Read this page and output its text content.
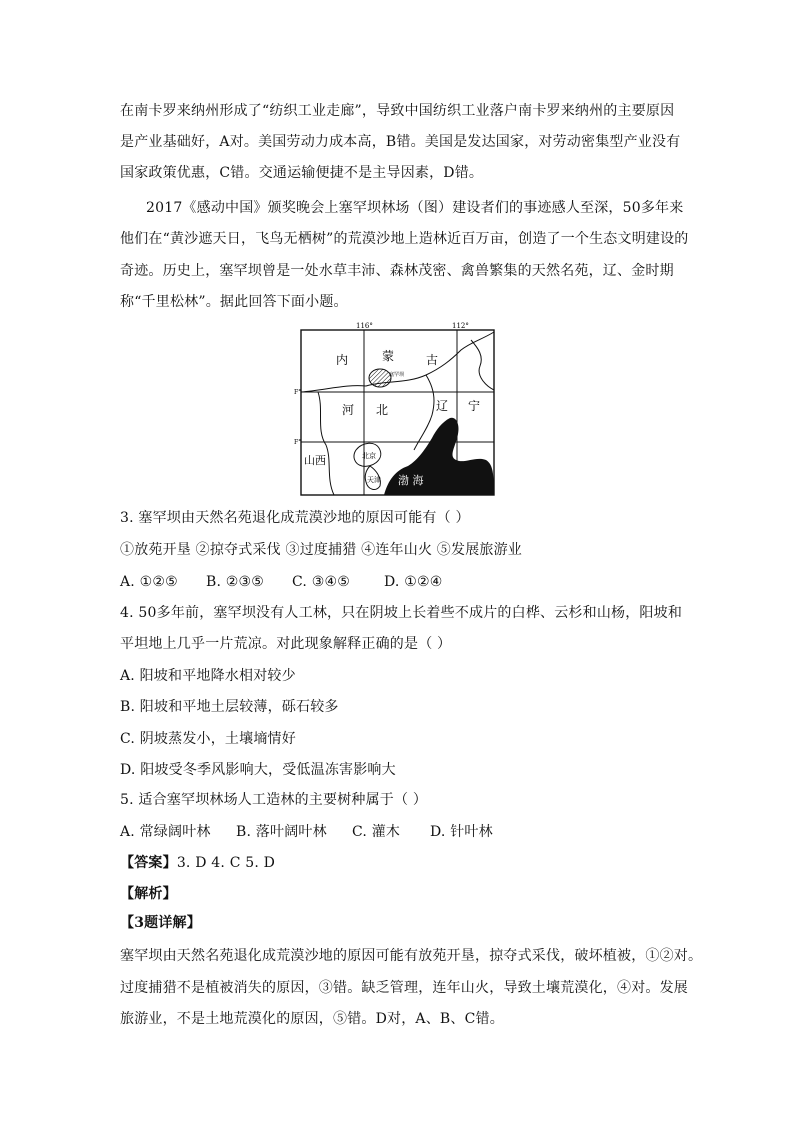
在南卡罗来纳州形成了“纺织工业走廊”，导致中国纺织工业落户南卡罗来纳州的主要原因
是产业基础好，A对。美国劳动力成本高，B错。美国是发达国家，对劳动密集型产业没有
国家政策优惠，C错。交通运输便捷不是主导因素，D错。
2017《感动中国》颁奖晚会上塞罕坝林场（图）建设者们的事迹感人至深，50多年来
他们在“黄沙遮天日，飞鸟无栖树”的荒漠沙地上造林近百万亩，创造了一个生态文明建设的
奇迹。历史上，塞罕坝曾是一处水草丰沛、森林茂密、禽兽繁集的天然名苑，辽、金时期
称“千里松林”。据此回答下面小题。
116°	112°
F°
F°
内	蒙	古
塞罕坝
河 北	辽 宁
北京
天津
山西
渤 海
3. 塞罕坝由天然名苑退化成荒漠沙地的原因可能有（ ）
①放苑开垦 ②掠夺式采伐 ③过度捕猎 ④连年山火 ⑤发展旅游业
A. ①②⑤ B. ②③⑤ C. ③④⑤ D. ①②④
4. 50多年前，塞罕坝没有人工林，只在阴坡上长着些不成片的白桦、云杉和山杨，阳坡和
平坦地上几乎一片荒凉。对此现象解释正确的是（ ）
A. 阳坡和平地降水相对较少
B. 阳坡和平地土层较薄，砾石较多
C. 阴坡蒸发小，土壤墒情好
D. 阳坡受冬季风影响大，受低温冻害影响大
5. 适合塞罕坝林场人工造林的主要树种属于（ ）
A. 常绿阔叶林 B. 落叶阔叶林 C. 灌木 D. 针叶林
【答案】3. D 4. C 5. D
【解析】
【3题详解】
塞罕坝由天然名苑退化成荒漠沙地的原因可能有放苑开垦，掠夺式采伐，破坏植被，①②对。
过度捕猎不是植被消失的原因，③错。缺乏管理，连年山火，导致土壤荒漠化，④对。发展
旅游业，不是土地荒漠化的原因，⑤错。D对，A、B、C错。
